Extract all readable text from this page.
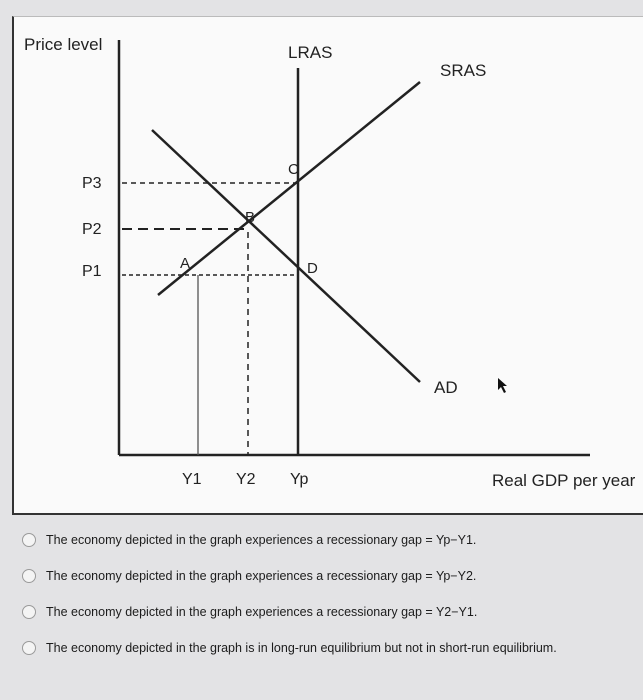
Price level
Real GDP per year
LRAS
SRAS
AD
P3
P2
P1
Y1 Y2 Yp
A
B
C
D
The economy depicted in the graph experiences a recessionary gap = Yp−Y1.
The economy depicted in the graph experiences a recessionary gap = Yp−Y2.
The economy depicted in the graph experiences a recessionary gap = Y2−Y1.
The economy depicted in the graph is in long-run equilibrium but not in short-run equilibrium.
